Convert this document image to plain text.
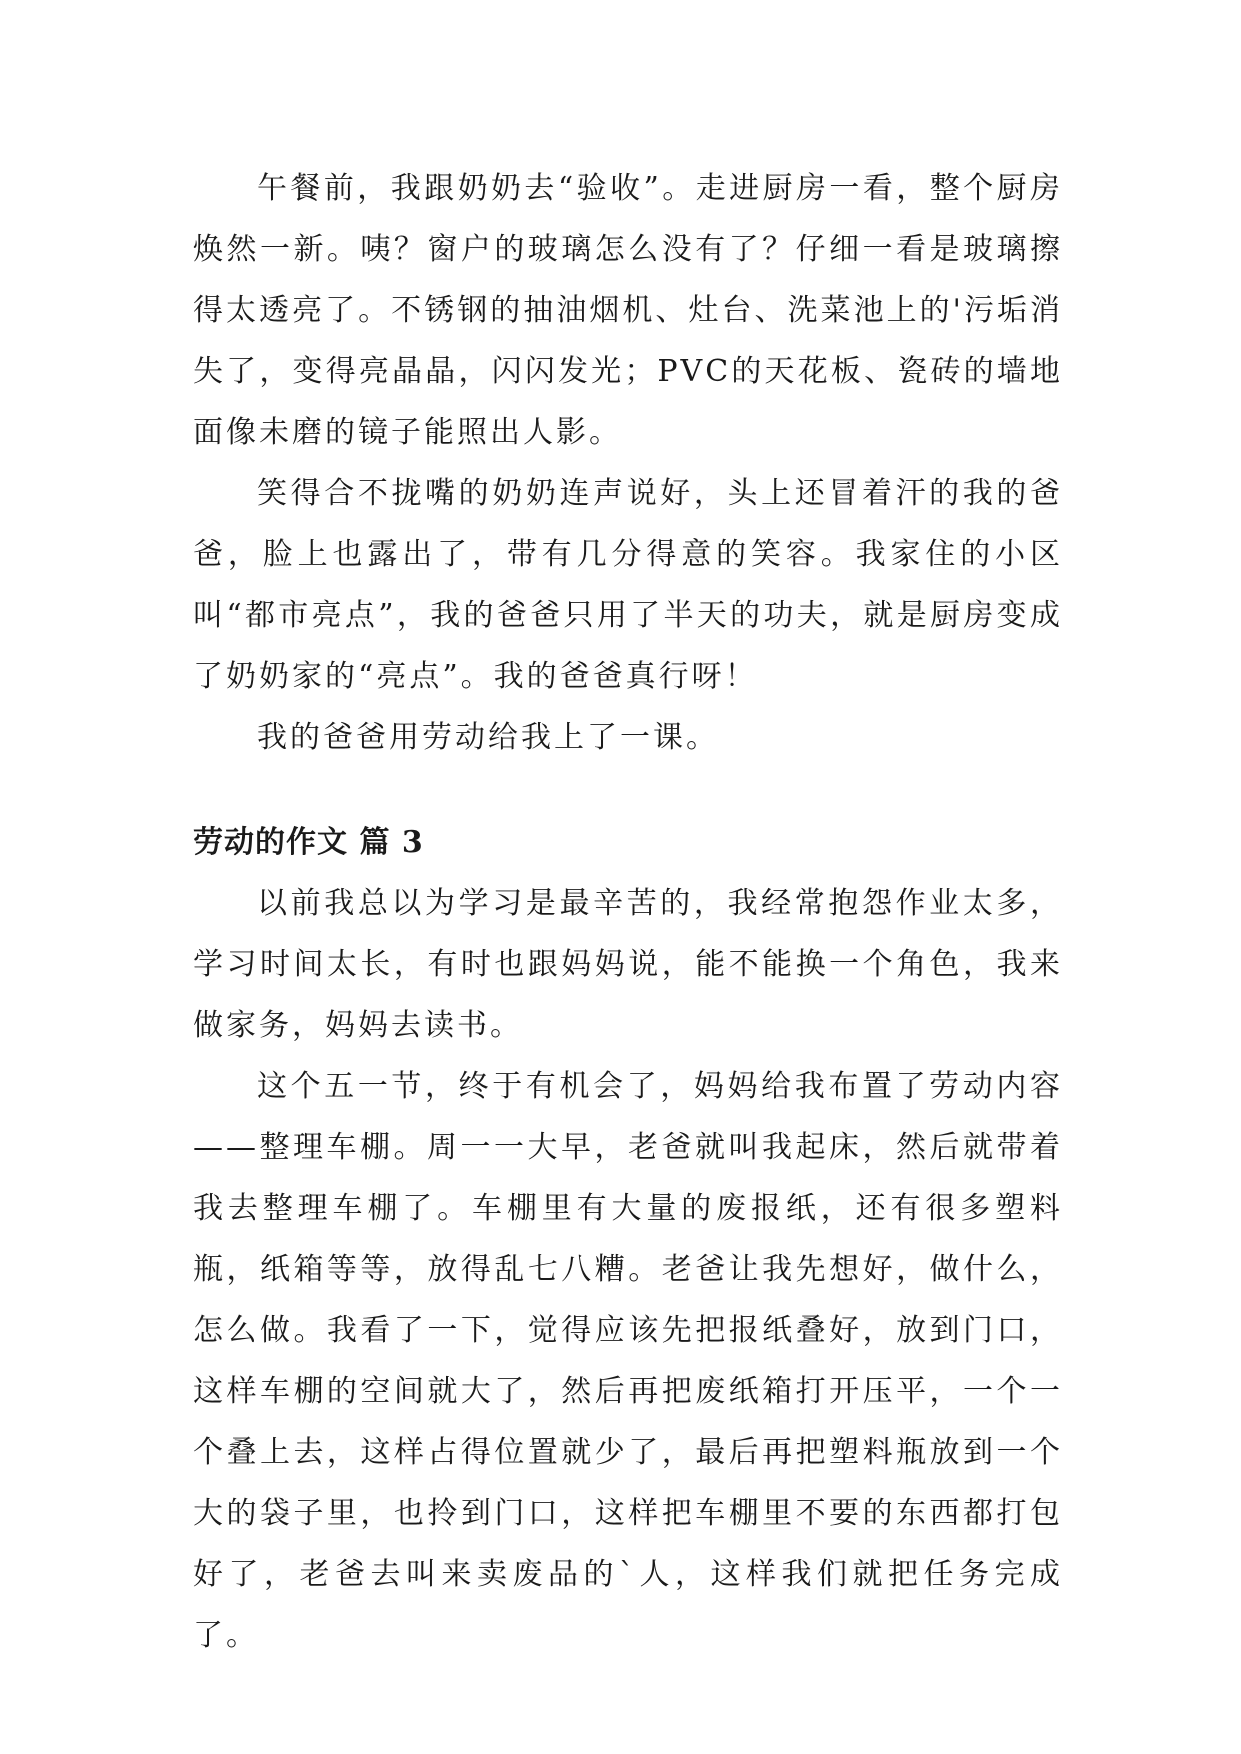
午餐前，我跟奶奶去“验收”。走进厨房一看，整个厨房焕然一新。咦？窗户的玻璃怎么没有了？仔细一看是玻璃擦得太透亮了。不锈钢的抽油烟机、灶台、洗菜池上的'污垢消失了，变得亮晶晶，闪闪发光；PVC的天花板、瓷砖的墙地面像未磨的镜子能照出人影。

笑得合不拢嘴的奶奶连声说好，头上还冒着汗的我的爸爸，脸上也露出了，带有几分得意的笑容。我家住的小区叫“都市亮点”，我的爸爸只用了半天的功夫，就是厨房变成了奶奶家的“亮点”。我的爸爸真行呀！

我的爸爸用劳动给我上了一课。

劳动的作文 篇 3

以前我总以为学习是最辛苦的，我经常抱怨作业太多，学习时间太长，有时也跟妈妈说，能不能换一个角色，我来做家务，妈妈去读书。

这个五一节，终于有机会了，妈妈给我布置了劳动内容——整理车棚。周一一大早，老爸就叫我起床，然后就带着我去整理车棚了。车棚里有大量的废报纸，还有很多塑料瓶，纸箱等等，放得乱七八糟。老爸让我先想好，做什么，怎么做。我看了一下，觉得应该先把报纸叠好，放到门口，这样车棚的空间就大了，然后再把废纸箱打开压平，一个一个叠上去，这样占得位置就少了，最后再把塑料瓶放到一个大的袋子里，也拎到门口，这样把车棚里不要的东西都打包好了，老爸去叫来卖废品的`人，这样我们就把任务完成了。
